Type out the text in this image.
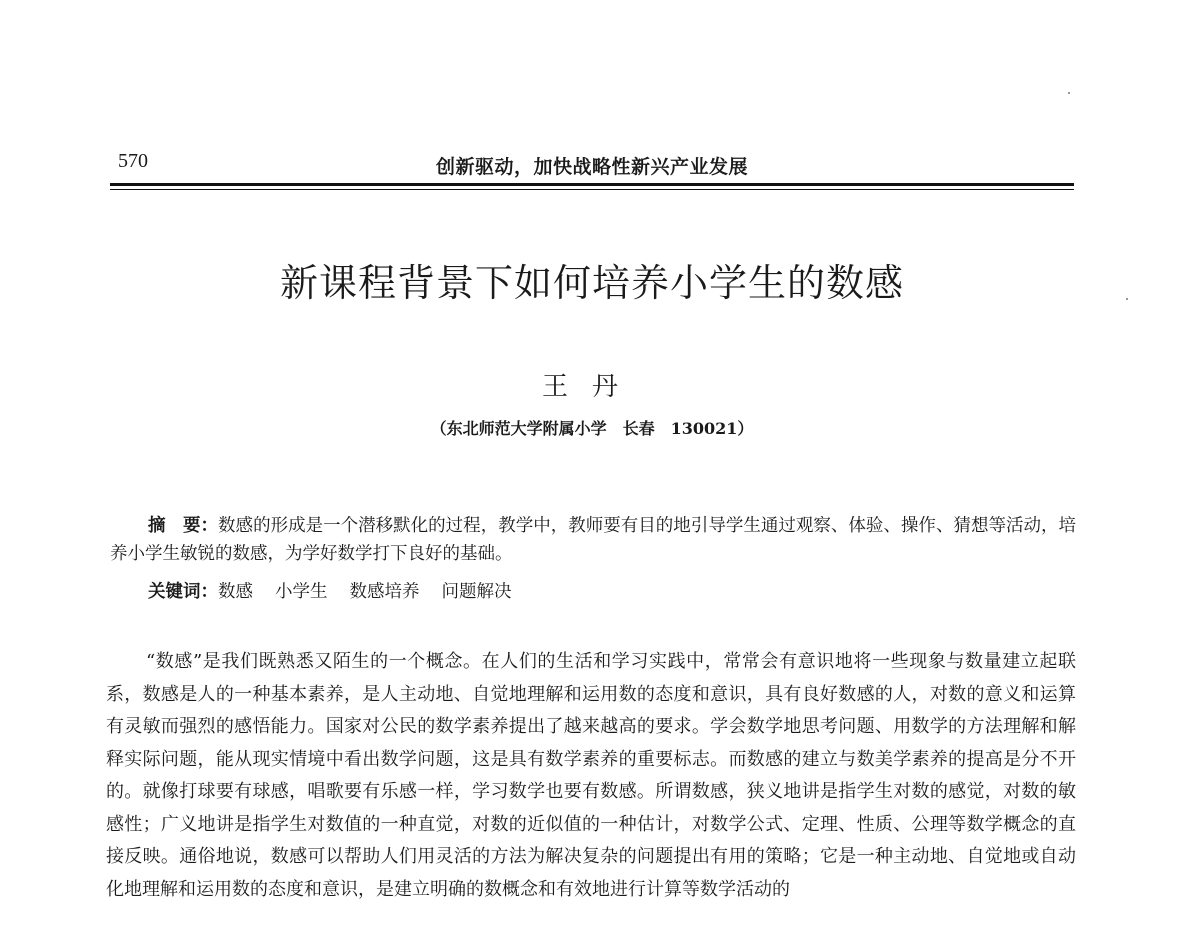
570	创新驱动，加快战略性新兴产业发展
新课程背景下如何培养小学生的数感
王丹
（东北师范大学附属小学　长春　130021）
摘　要：数感的形成是一个潜移默化的过程，教学中，教师要有目的地引导学生通过观察、体验、操作、猜想等活动，培养小学生敏锐的数感，为学好数学打下良好的基础。
关键词：数感 小学生 数感培养 问题解决
“数感”是我们既熟悉又陌生的一个概念。在人们的生活和学习实践中，常常会有意识地将一些现象与数量建立起联系，数感是人的一种基本素养，是人主动地、自觉地理解和运用数的态度和意识，具有良好数感的人，对数的意义和运算有灵敏而强烈的感悟能力。国家对公民的数学素养提出了越来越高的要求。学会数学地思考问题、用数学的方法理解和解释实际问题，能从现实情境中看出数学问题，这是具有数学素养的重要标志。而数感的建立与数美学素养的提高是分不开的。就像打球要有球感，唱歌要有乐感一样，学习数学也要有数感。所谓数感，狭义地讲是指学生对数的感觉，对数的敏感性；广义地讲是指学生对数值的一种直觉，对数的近似值的一种估计，对数学公式、定理、性质、公理等数学概念的直接反映。通俗地说，数感可以帮助人们用灵活的方法为解决复杂的问题提出有用的策略；它是一种主动地、自觉地或自动化地理解和运用数的态度和意识，是建立明确的数概念和有效地进行计算等数学活动的
